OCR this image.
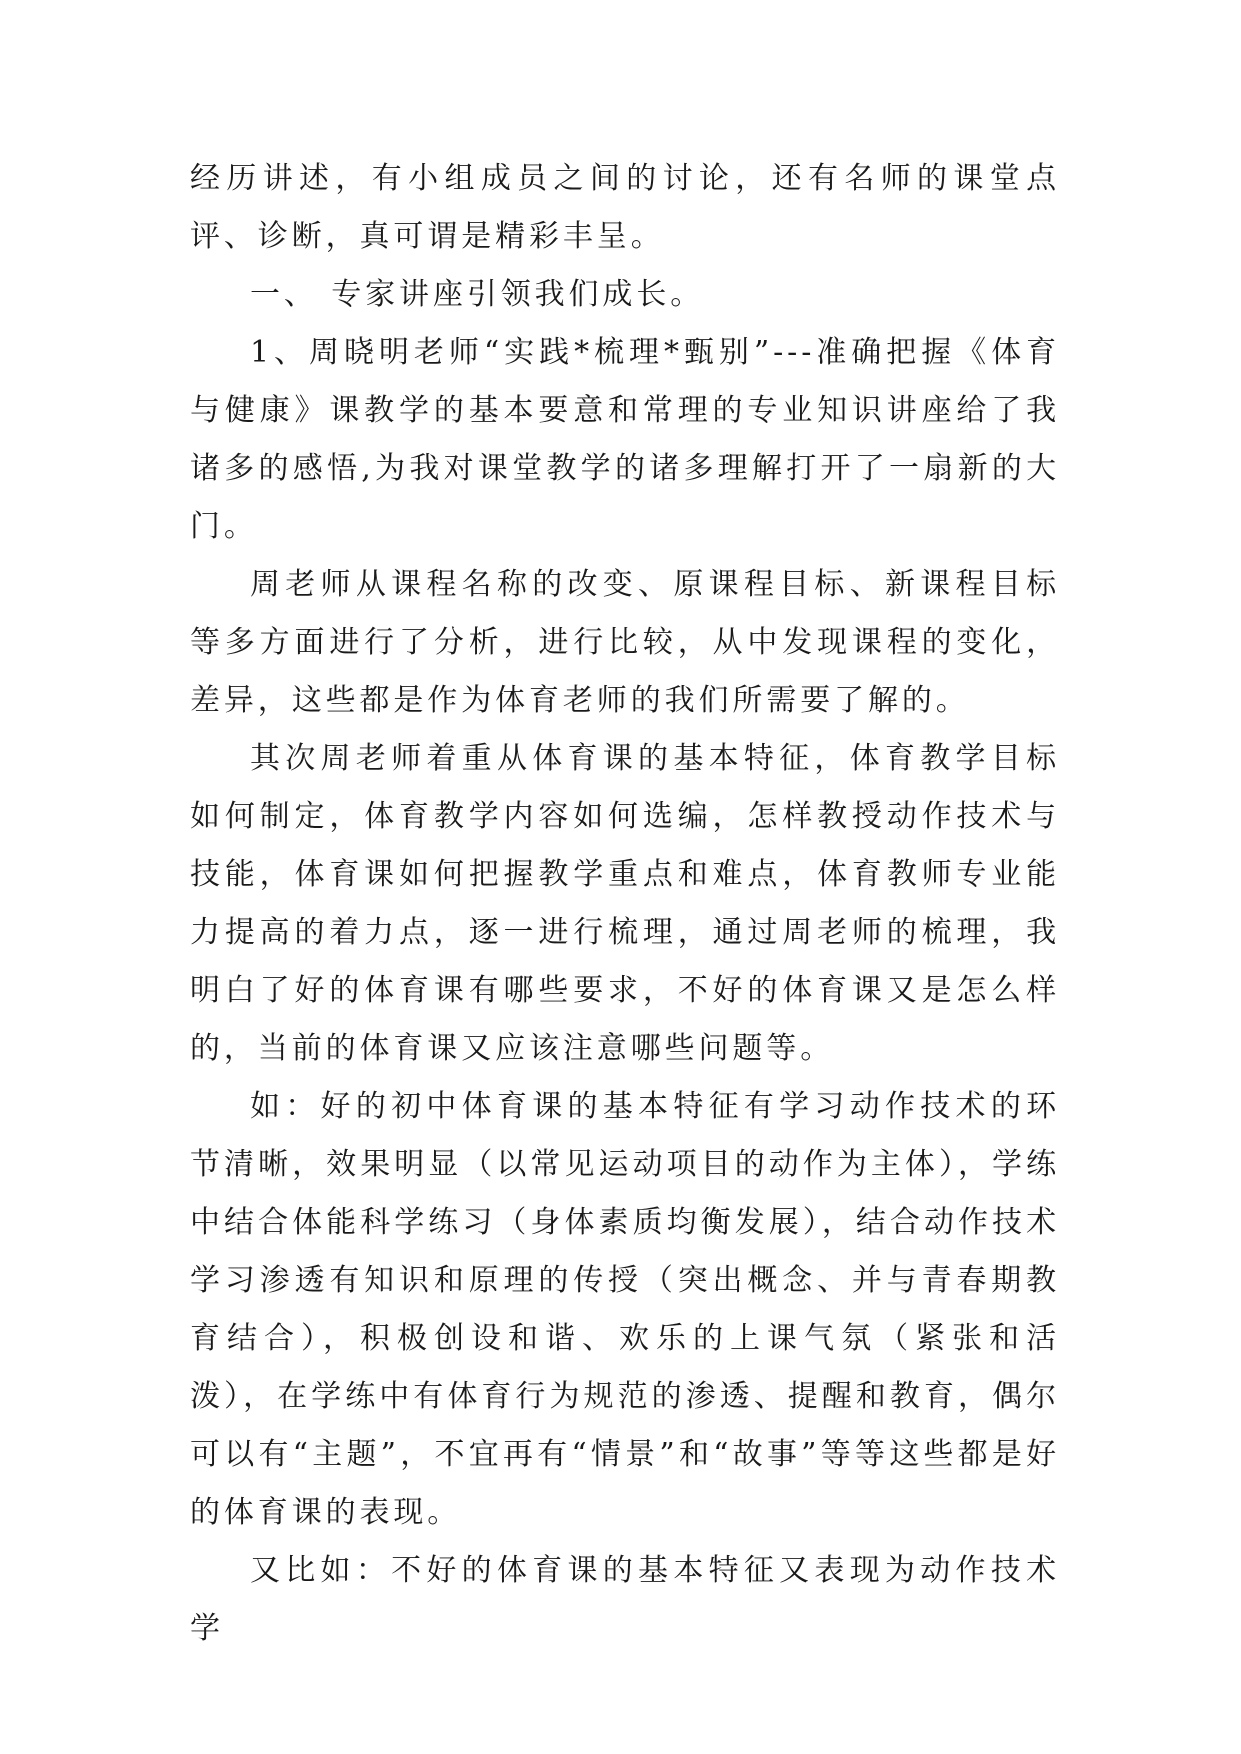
经历讲述，有小组成员之间的讨论，还有名师的课堂点评、诊断，真可谓是精彩丰呈。

一、 专家讲座引领我们成长。

1、周晓明老师“实践*梳理*甄别”---准确把握《体育与健康》课教学的基本要意和常理的专业知识讲座给了我诸多的感悟,为我对课堂教学的诸多理解打开了一扇新的大门。

周老师从课程名称的改变、原课程目标、新课程目标等多方面进行了分析，进行比较，从中发现课程的变化，差异，这些都是作为体育老师的我们所需要了解的。

其次周老师着重从体育课的基本特征，体育教学目标如何制定，体育教学内容如何选编，怎样教授动作技术与技能，体育课如何把握教学重点和难点，体育教师专业能力提高的着力点，逐一进行梳理，通过周老师的梳理，我明白了好的体育课有哪些要求，不好的体育课又是怎么样的，当前的体育课又应该注意哪些问题等。

如：好的初中体育课的基本特征有学习动作技术的环节清晰，效果明显（以常见运动项目的动作为主体），学练中结合体能科学练习（身体素质均衡发展），结合动作技术学习渗透有知识和原理的传授（突出概念、并与青春期教育结合），积极创设和谐、欢乐的上课气氛（紧张和活泼），在学练中有体育行为规范的渗透、提醒和教育，偶尔可以有“主题”，不宜再有“情景”和“故事”等等这些都是好的体育课的表现。

又比如：不好的体育课的基本特征又表现为动作技术学
